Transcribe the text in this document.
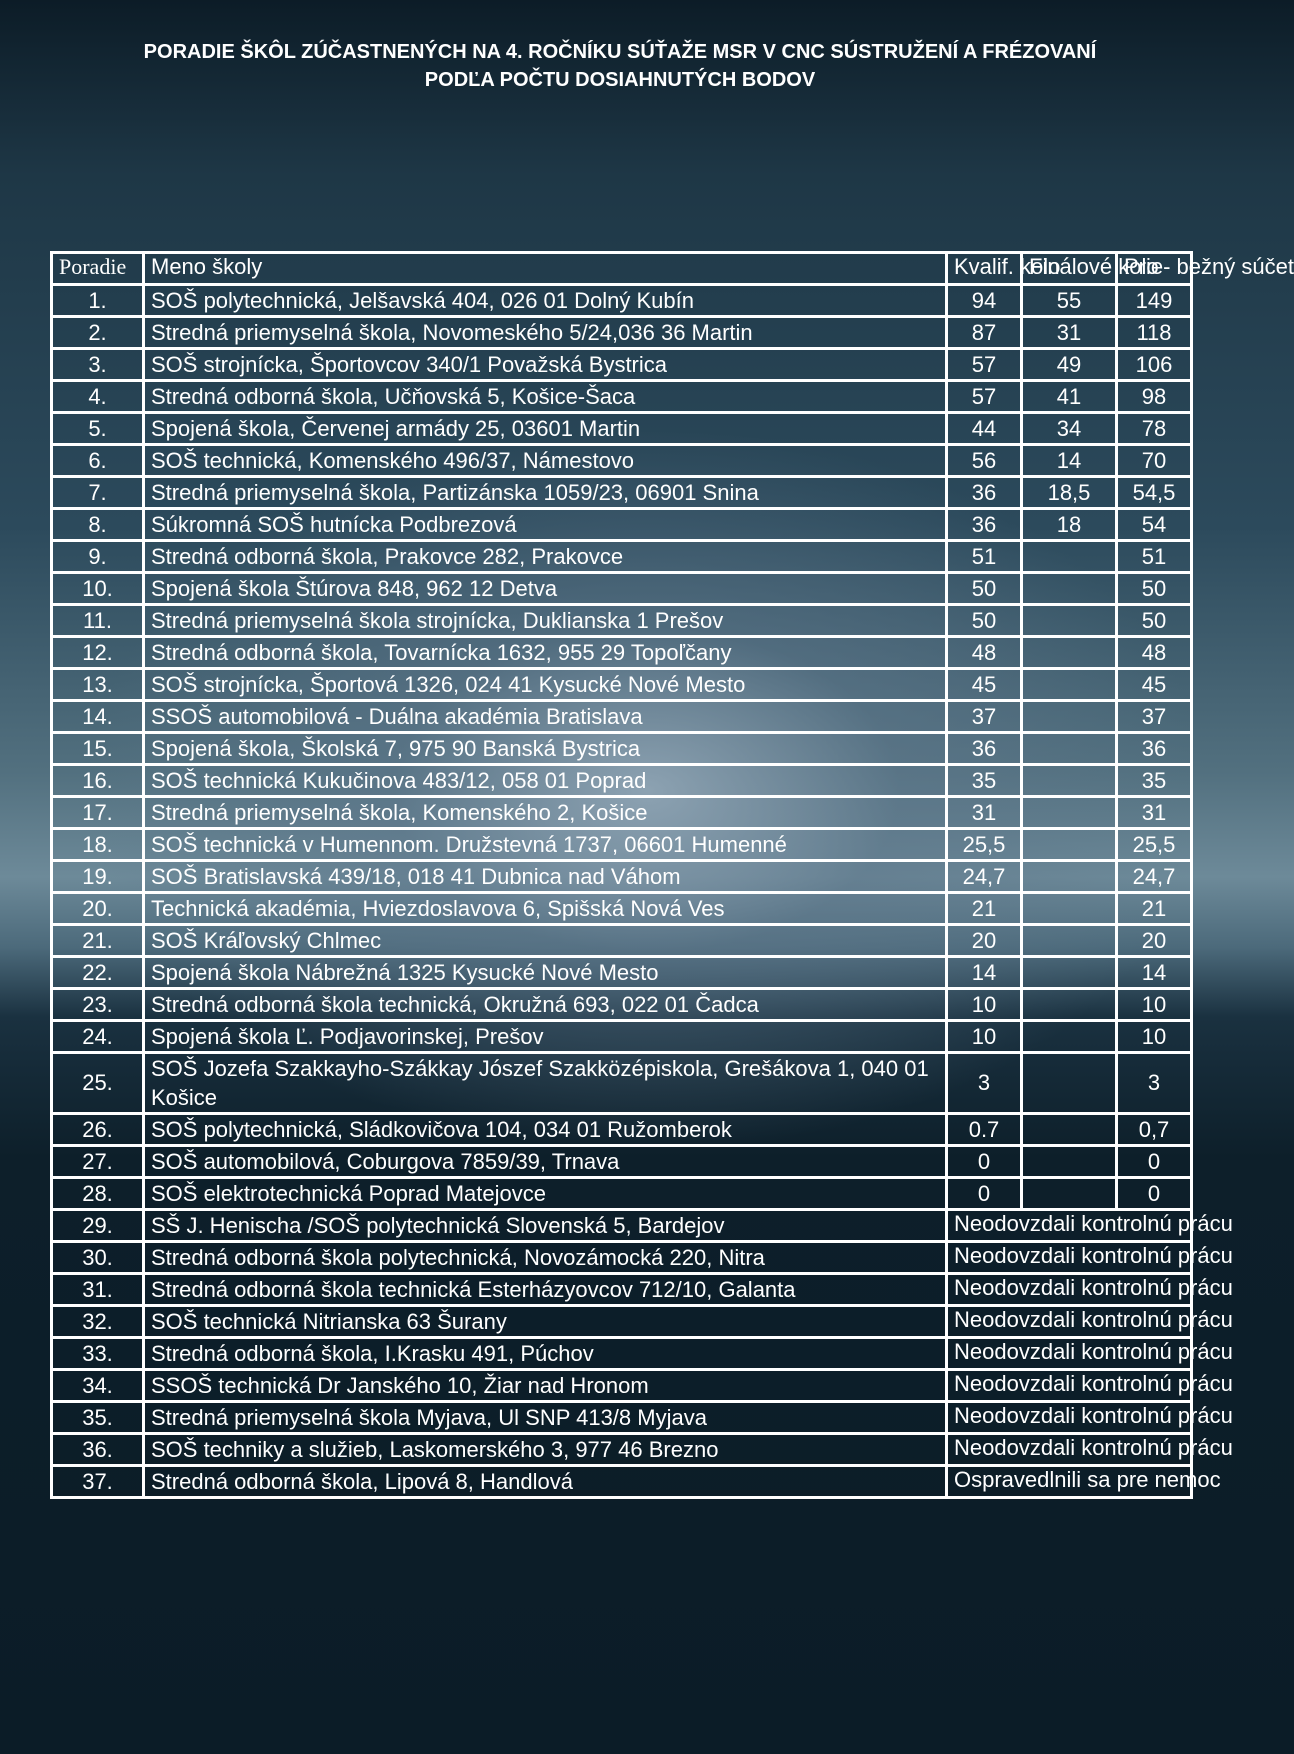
PORADIE ŠKÔL ZÚČASTNENÝCH NA 4. ROČNÍKU SÚŤAŽE MSR V CNC SÚSTRUŽENÍ A FRÉZOVANÍ
PODĽA POČTU DOSIAHNUTÝCH BODOV
Poradie	Meno školy	Kvalif. kolo	Finálové kolo	Prie- bežný súčet
1.	SOŠ polytechnická, Jelšavská 404, 026 01 Dolný Kubín	94	55	149
2.	Stredná priemyselná škola, Novomeského 5/24,036 36 Martin	87	31	118
3.	SOŠ strojnícka, Športovcov 340/1 Považská Bystrica	57	49	106
4.	Stredná odborná škola, Učňovská 5, Košice-Šaca	57	41	98
5.	Spojená škola, Červenej armády 25, 03601 Martin	44	34	78
6.	SOŠ technická, Komenského 496/37, Námestovo	56	14	70
7.	Stredná priemyselná škola, Partizánska 1059/23, 06901 Snina	36	18,5	54,5
8.	Súkromná SOŠ hutnícka Podbrezová	36	18	54
9.	Stredná odborná škola, Prakovce 282, Prakovce	51		51
10.	Spojená škola Štúrova 848, 962 12 Detva	50		50
11.	Stredná priemyselná škola strojnícka, Duklianska 1 Prešov	50		50
12.	Stredná odborná škola, Tovarnícka 1632, 955 29 Topoľčany	48		48
13.	SOŠ strojnícka, Športová 1326, 024 41 Kysucké Nové Mesto	45		45
14.	SSOŠ automobilová - Duálna akadémia Bratislava	37		37
15.	Spojená škola, Školská 7, 975 90 Banská Bystrica	36		36
16.	SOŠ technická Kukučinova 483/12, 058 01 Poprad	35		35
17.	Stredná priemyselná škola, Komenského 2, Košice	31		31
18.	SOŠ technická v Humennom. Družstevná 1737, 06601 Humenné	25,5		25,5
19.	SOŠ Bratislavská 439/18, 018 41 Dubnica nad Váhom	24,7		24,7
20.	Technická akadémia, Hviezdoslavova 6, Spišská Nová Ves	21		21
21.	SOŠ Kráľovský Chlmec	20		20
22.	Spojená škola Nábrežná 1325 Kysucké Nové Mesto	14		14
23.	Stredná odborná škola technická, Okružná 693, 022 01 Čadca	10		10
24.	Spojená škola Ľ. Podjavorinskej, Prešov	10		10
25.	SOŠ Jozefa Szakkayho-Szákkay Jószef Szakközépiskola, Grešákova 1, 040 01 Košice	3		3
26.	SOŠ polytechnická, Sládkovičova 104, 034 01 Ružomberok	0.7		0,7
27.	SOŠ automobilová, Coburgova 7859/39, Trnava	0		0
28.	SOŠ elektrotechnická Poprad Matejovce	0		0
29.	SŠ J. Henischa /SOŠ polytechnická Slovenská 5, Bardejov	Neodovzdali kontrolnú prácu		
30.	Stredná odborná škola polytechnická, Novozámocká 220, Nitra	Neodovzdali kontrolnú prácu		
31.	Stredná odborná škola technická Esterházyovcov 712/10, Galanta	Neodovzdali kontrolnú prácu		
32.	SOŠ technická Nitrianska 63 Šurany	Neodovzdali kontrolnú prácu		
33.	Stredná odborná škola, I.Krasku 491, Púchov	Neodovzdali kontrolnú prácu		
34.	SSOŠ technická Dr Janského 10, Žiar nad Hronom	Neodovzdali kontrolnú prácu		
35.	Stredná priemyselná škola Myjava, Ul SNP 413/8 Myjava	Neodovzdali kontrolnú prácu		
36.	SOŠ techniky a služieb, Laskomerského 3, 977 46 Brezno	Neodovzdali kontrolnú prácu		
37.	Stredná odborná škola, Lipová 8, Handlová	Ospravedlnili sa pre nemoc		
